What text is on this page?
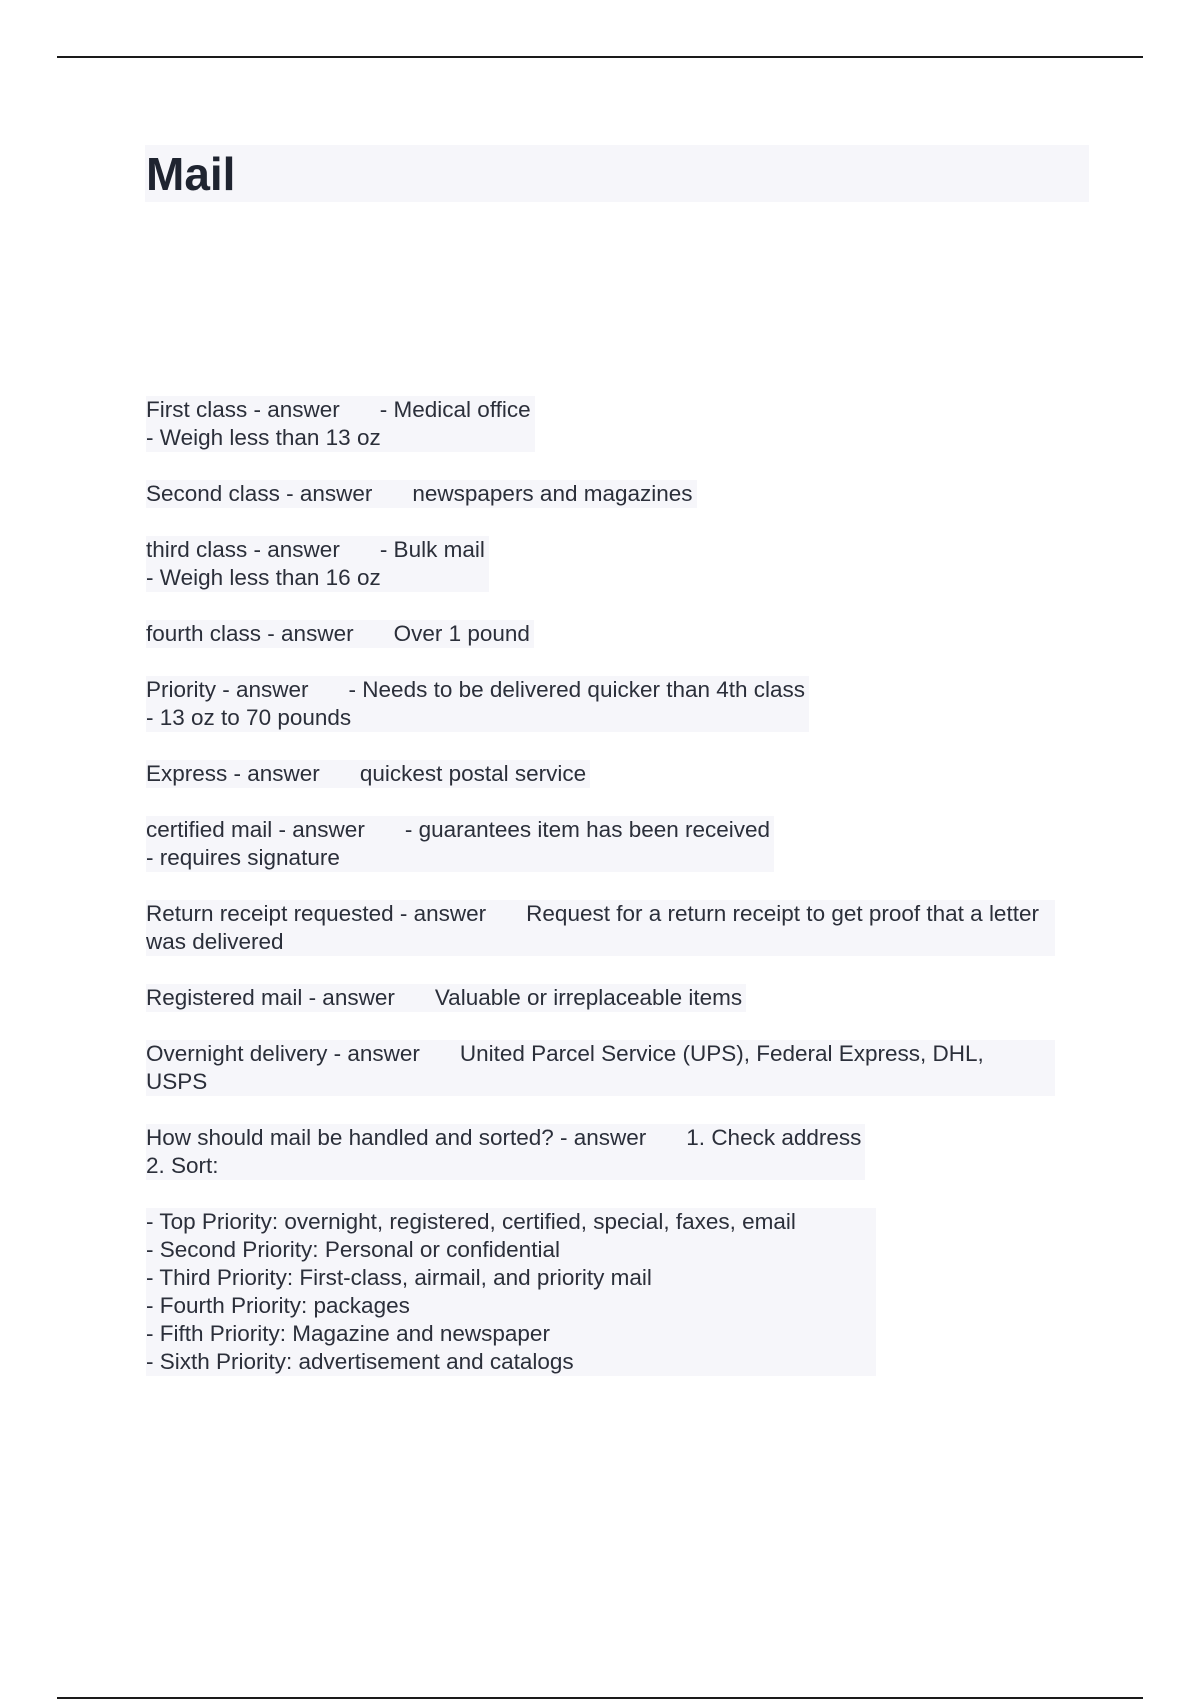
Mail
First class - answer - Medical office
- Weigh less than 13 oz
Second class - answer newspapers and magazines
third class - answer - Bulk mail
- Weigh less than 16 oz
fourth class - answer Over 1 pound
Priority - answer - Needs to be delivered quicker than 4th class
- 13 oz to 70 pounds
Express - answer quickest postal service
certified mail - answer - guarantees item has been received
- requires signature
Return receipt requested - answer Request for a return receipt to get proof that a letter was delivered
Registered mail - answer Valuable or irreplaceable items
Overnight delivery - answer United Parcel Service (UPS), Federal Express, DHL, USPS
How should mail be handled and sorted? - answer 1. Check address
2. Sort:
- Top Priority: overnight, registered, certified, special, faxes, email
- Second Priority: Personal or confidential
- Third Priority: First-class, airmail, and priority mail
- Fourth Priority: packages
- Fifth Priority: Magazine and newspaper
- Sixth Priority: advertisement and catalogs
